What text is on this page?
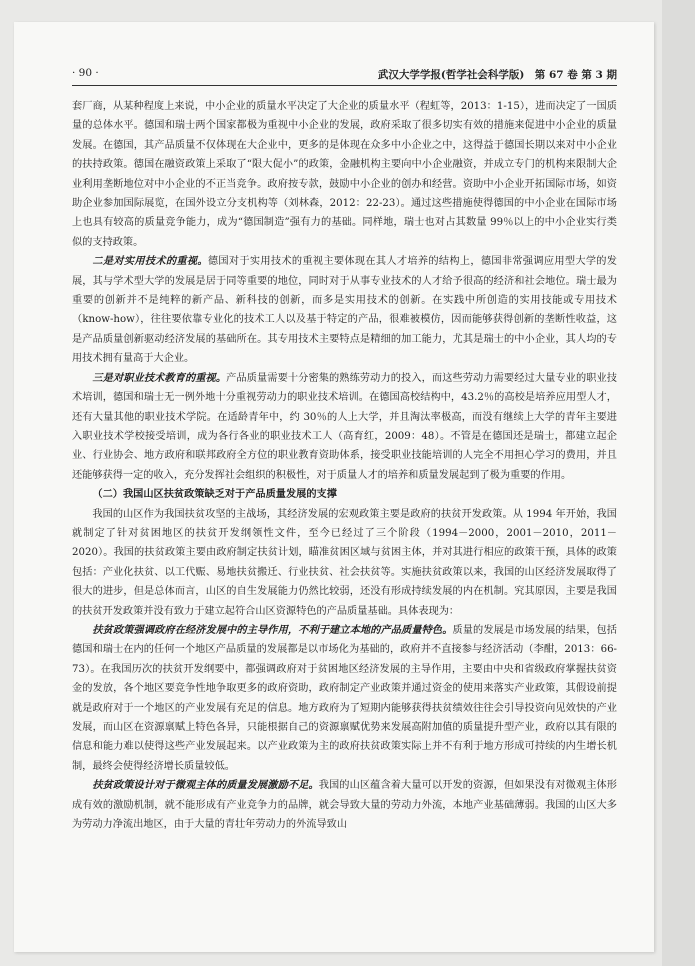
· 90 ·	武汉大学学报(哲学社会科学版)　第 67 卷 第 3 期

套厂商，从某种程度上来说，中小企业的质量水平决定了大企业的质量水平（程虹等，2013：1-15），进而决定了一国质量的总体水平。德国和瑞士两个国家都极为重视中小企业的发展，政府采取了很多切实有效的措施来促进中小企业的质量发展。在德国，其产品质量不仅体现在大企业中，更多的是体现在众多中小企业之中，这得益于德国长期以来对中小企业的扶持政策。德国在融资政策上采取了“限大促小”的政策，金融机构主要向中小企业融资，并成立专门的机构来限制大企业利用垄断地位对中小企业的不正当竞争。政府按专款，鼓励中小企业的创办和经营。资助中小企业开拓国际市场，如资助企业参加国际展览，在国外设立分支机构等（刘林森，2012：22-23）。通过这些措施使得德国的中小企业在国际市场上也具有较高的质量竞争能力，成为“德国制造”强有力的基础。同样地，瑞士也对占其数量 99％以上的中小企业实行类似的支持政策。

二是对实用技术的重视。德国对于实用技术的重视主要体现在其人才培养的结构上，德国非常强调应用型大学的发展，其与学术型大学的发展是居于同等重要的地位，同时对于从事专业技术的人才给予很高的经济和社会地位。瑞士最为重要的创新并不是纯粹的新产品、新科技的创新，而多是实用技术的创新。在实践中所创造的实用技能或专用技术（know-how），往往要依靠专业化的技术工人以及基于特定的产品，很难被模仿，因而能够获得创新的垄断性收益，这是产品质量创新驱动经济发展的基础所在。其专用技术主要特点是精细的加工能力，尤其是瑞士的中小企业，其人均的专用技术拥有量高于大企业。

三是对职业技术教育的重视。产品质量需要十分密集的熟练劳动力的投入，而这些劳动力需要经过大量专业的职业技术培训，德国和瑞士无一例外地十分重视劳动力的职业技术培训。在德国高校结构中，43.2％的高校是培养应用型人才，还有大量其他的职业技术学院。在适龄青年中，约 30％的人上大学，并且淘汰率极高，而没有继续上大学的青年主要进入职业技术学校接受培训，成为各行各业的职业技术工人（高育红，2009：48）。不管是在德国还是瑞士，都建立起企业、行业协会、地方政府和联邦政府全方位的职业教育资助体系，接受职业技能培训的人完全不用担心学习的费用，并且还能够获得一定的收入，充分发挥社会组织的积极性，对于质量人才的培养和质量发展起到了极为重要的作用。

（二）我国山区扶贫政策缺乏对于产品质量发展的支撑

我国的山区作为我国扶贫攻坚的主战场，其经济发展的宏观政策主要是政府的扶贫开发政策。从 1994 年开始，我国就制定了针对贫困地区的扶贫开发纲领性文件，至今已经过了三个阶段（1994－2000，2001－2010，2011－2020）。我国的扶贫政策主要由政府制定扶贫计划，瞄准贫困区域与贫困主体，并对其进行相应的政策干预，具体的政策包括：产业化扶贫、以工代赈、易地扶贫搬迁、行业扶贫、社会扶贫等。实施扶贫政策以来，我国的山区经济发展取得了很大的进步，但是总体而言，山区的自生发展能力仍然比较弱，还没有形成持续发展的内在机制。究其原因，主要是我国的扶贫开发政策并没有致力于建立起符合山区资源特色的产品质量基础。具体表现为：

扶贫政策强调政府在经济发展中的主导作用，不利于建立本地的产品质量特色。质量的发展是市场发展的结果，包括德国和瑞士在内的任何一个地区产品质量的发展都是以市场化为基础的，政府并不直接参与经济活动（李酣，2013：66-73）。在我国历次的扶贫开发纲要中，都强调政府对于贫困地区经济发展的主导作用，主要由中央和省级政府掌握扶贫资金的发放，各个地区要竞争性地争取更多的政府资助，政府制定产业政策并通过资金的使用来落实产业政策，其假设前提就是政府对于一个地区的产业发展有充足的信息。地方政府为了短期内能够获得扶贫绩效往往会引导投资向见效快的产业发展，而山区在资源禀赋上特色各异，只能根据自己的资源禀赋优势来发展高附加值的质量提升型产业，政府以其有限的信息和能力难以使得这些产业发展起来。以产业政策为主的政府扶贫政策实际上并不有利于地方形成可持续的内生增长机制，最终会使得经济增长质量较低。

扶贫政策设计对于微观主体的质量发展激励不足。我国的山区蕴含着大量可以开发的资源，但如果没有对微观主体形成有效的激励机制，就不能形成有产业竞争力的品牌，就会导致大量的劳动力外流，本地产业基础薄弱。我国的山区大多为劳动力净流出地区，由于大量的青壮年劳动力的外流导致山
